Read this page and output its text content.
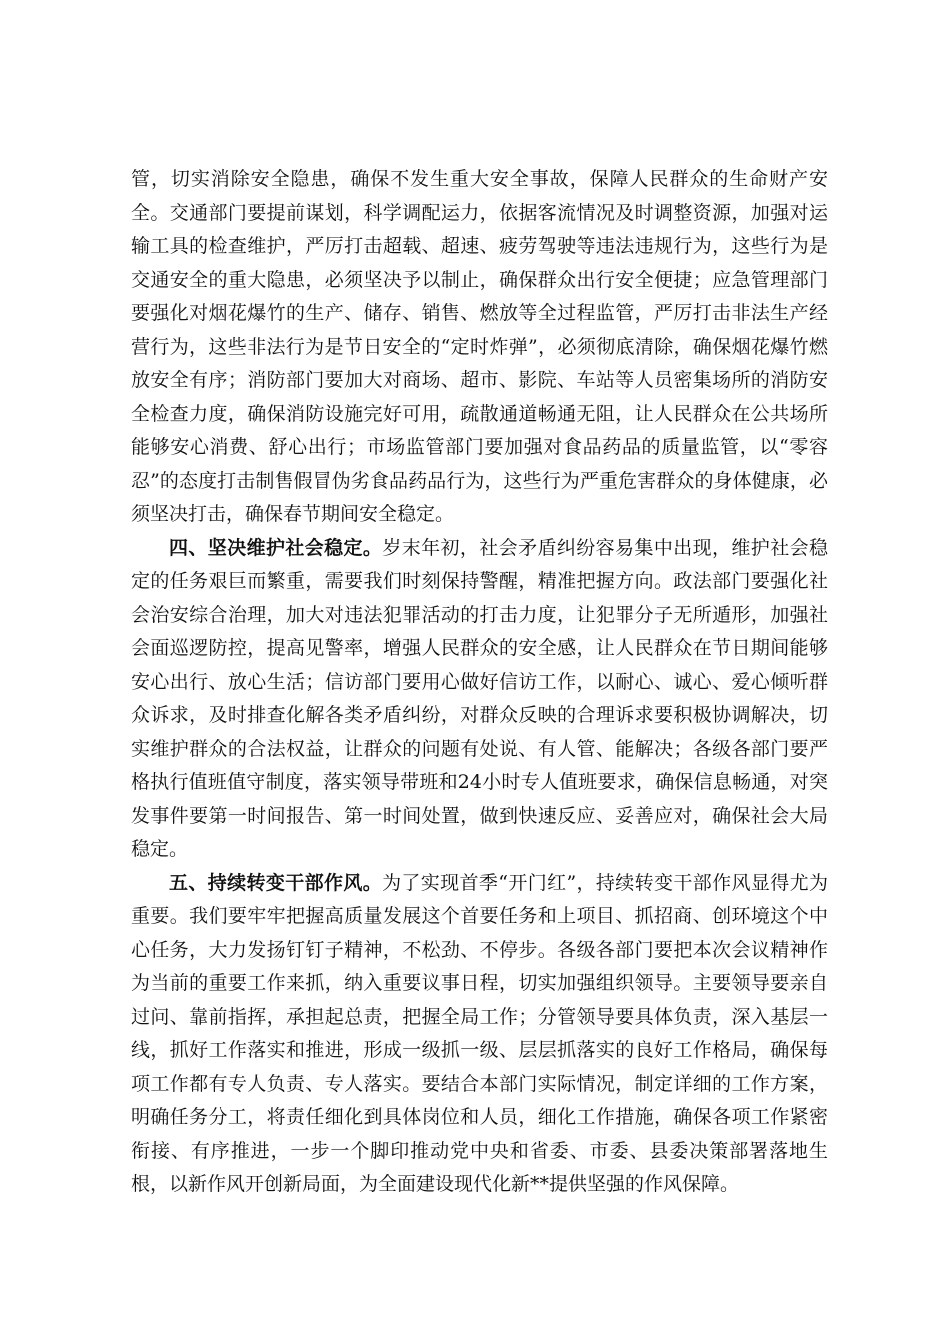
管，切实消除安全隐患，确保不发生重大安全事故，保障人民群众的生命财产安全。交通部门要提前谋划，科学调配运力，依据客流情况及时调整资源，加强对运输工具的检查维护，严厉打击超载、超速、疲劳驾驶等违法违规行为，这些行为是交通安全的重大隐患，必须坚决予以制止，确保群众出行安全便捷；应急管理部门要强化对烟花爆竹的生产、储存、销售、燃放等全过程监管，严厉打击非法生产经营行为，这些非法行为是节日安全的“定时炸弹”，必须彻底清除，确保烟花爆竹燃放安全有序；消防部门要加大对商场、超市、影院、车站等人员密集场所的消防安全检查力度，确保消防设施完好可用，疏散通道畅通无阻，让人民群众在公共场所能够安心消费、舒心出行；市场监管部门要加强对食品药品的质量监管，以“零容忍”的态度打击制售假冒伪劣食品药品行为，这些行为严重危害群众的身体健康，必须坚决打击，确保春节期间安全稳定。

四、坚决维护社会稳定。岁末年初，社会矛盾纠纷容易集中出现，维护社会稳定的任务艰巨而繁重，需要我们时刻保持警醒，精准把握方向。政法部门要强化社会治安综合治理，加大对违法犯罪活动的打击力度，让犯罪分子无所遁形，加强社会面巡逻防控，提高见警率，增强人民群众的安全感，让人民群众在节日期间能够安心出行、放心生活；信访部门要用心做好信访工作，以耐心、诚心、爱心倾听群众诉求，及时排查化解各类矛盾纠纷，对群众反映的合理诉求要积极协调解决，切实维护群众的合法权益，让群众的问题有处说、有人管、能解决；各级各部门要严格执行值班值守制度，落实领导带班和24小时专人值班要求，确保信息畅通，对突发事件要第一时间报告、第一时间处置，做到快速反应、妥善应对，确保社会大局稳定。

五、持续转变干部作风。为了实现首季“开门红”，持续转变干部作风显得尤为重要。我们要牢牢把握高质量发展这个首要任务和上项目、抓招商、创环境这个中心任务，大力发扬钉钉子精神，不松劲、不停步。各级各部门要把本次会议精神作为当前的重要工作来抓，纳入重要议事日程，切实加强组织领导。主要领导要亲自过问、靠前指挥，承担起总责，把握全局工作；分管领导要具体负责，深入基层一线，抓好工作落实和推进，形成一级抓一级、层层抓落实的良好工作格局，确保每项工作都有专人负责、专人落实。要结合本部门实际情况，制定详细的工作方案，明确任务分工，将责任细化到具体岗位和人员，细化工作措施，确保各项工作紧密衔接、有序推进，一步一个脚印推动党中央和省委、市委、县委决策部署落地生根，以新作风开创新局面，为全面建设现代化新**提供坚强的作风保障。
